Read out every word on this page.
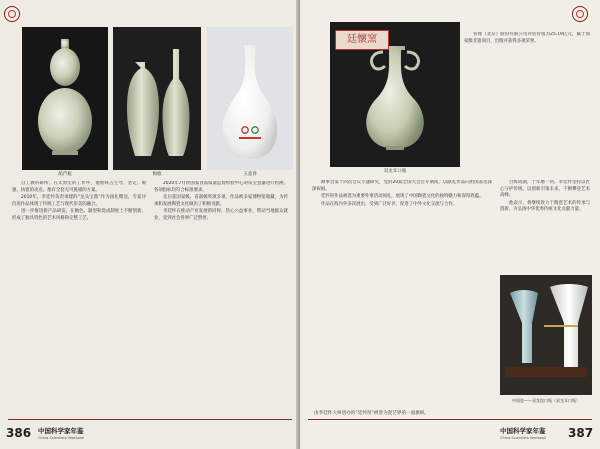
葫芦瓶	梅瓶	玉壶春

自工教科研所。在太原宏的工作中，他始终占主导，坚定、顽强、执着的攻克。他有全套无可挑剔的方案。

2010年，李廷怀负责承建的“龙头宝鼎”作为国礼赠送，专家评价说作品体现了传统工艺与现代审美的融合。

进一步推进新产品研发，在釉色、器型和烧成制度上不断创新，形成了独具特色的艺术风格和完整工艺。

2020年7月经国家食品质量监督检验中心对伍宝瓷器进行检测，各项指标均符合标准要求。

先后获国家级、省部级奖项多项，作品被多家博物馆收藏，为传承和发展陶瓷文化做出了积极贡献。

李廷怀在推动产业发展的同时，热心公益事业，带动当地群众就业，受到社会各界广泛赞誉。

386 中国科学家年鉴
China Scientists Yearbook
廷懷窯
双龙耳口瓶

管理（北京）股份有限公司评估价值为25.19亿元，属于国家级非遗项目，出版并获得多项荣誉。

顾事会第十四次会议专题研究，党的20届全国大会召开期间，以献礼作品向祖国表达深深祝福。

廷怀窑作品被选为重要外事活动国礼，展现了中国陶瓷文化的独特魅力和深厚底蕴。

作品在海内外多次展出，受到广泛好评，促进了中外文化交流与合作。

百炼成钢，十年磨一剑。李廷怀坚持以匠心守护传统，以创新引领未来，不断攀登艺术高峰。

他表示，将继续致力于陶瓷艺术的传承与创新，为弘扬中华优秀传统文化贡献力量。

中国瓷——双龙纹口瓶（双龙耳口瓶）
由李廷怀大师创办的“廷怀窑”被誉为瓷艺界的一面旗帜。
中国科学家年鉴
China Scientists Yearbook 387
